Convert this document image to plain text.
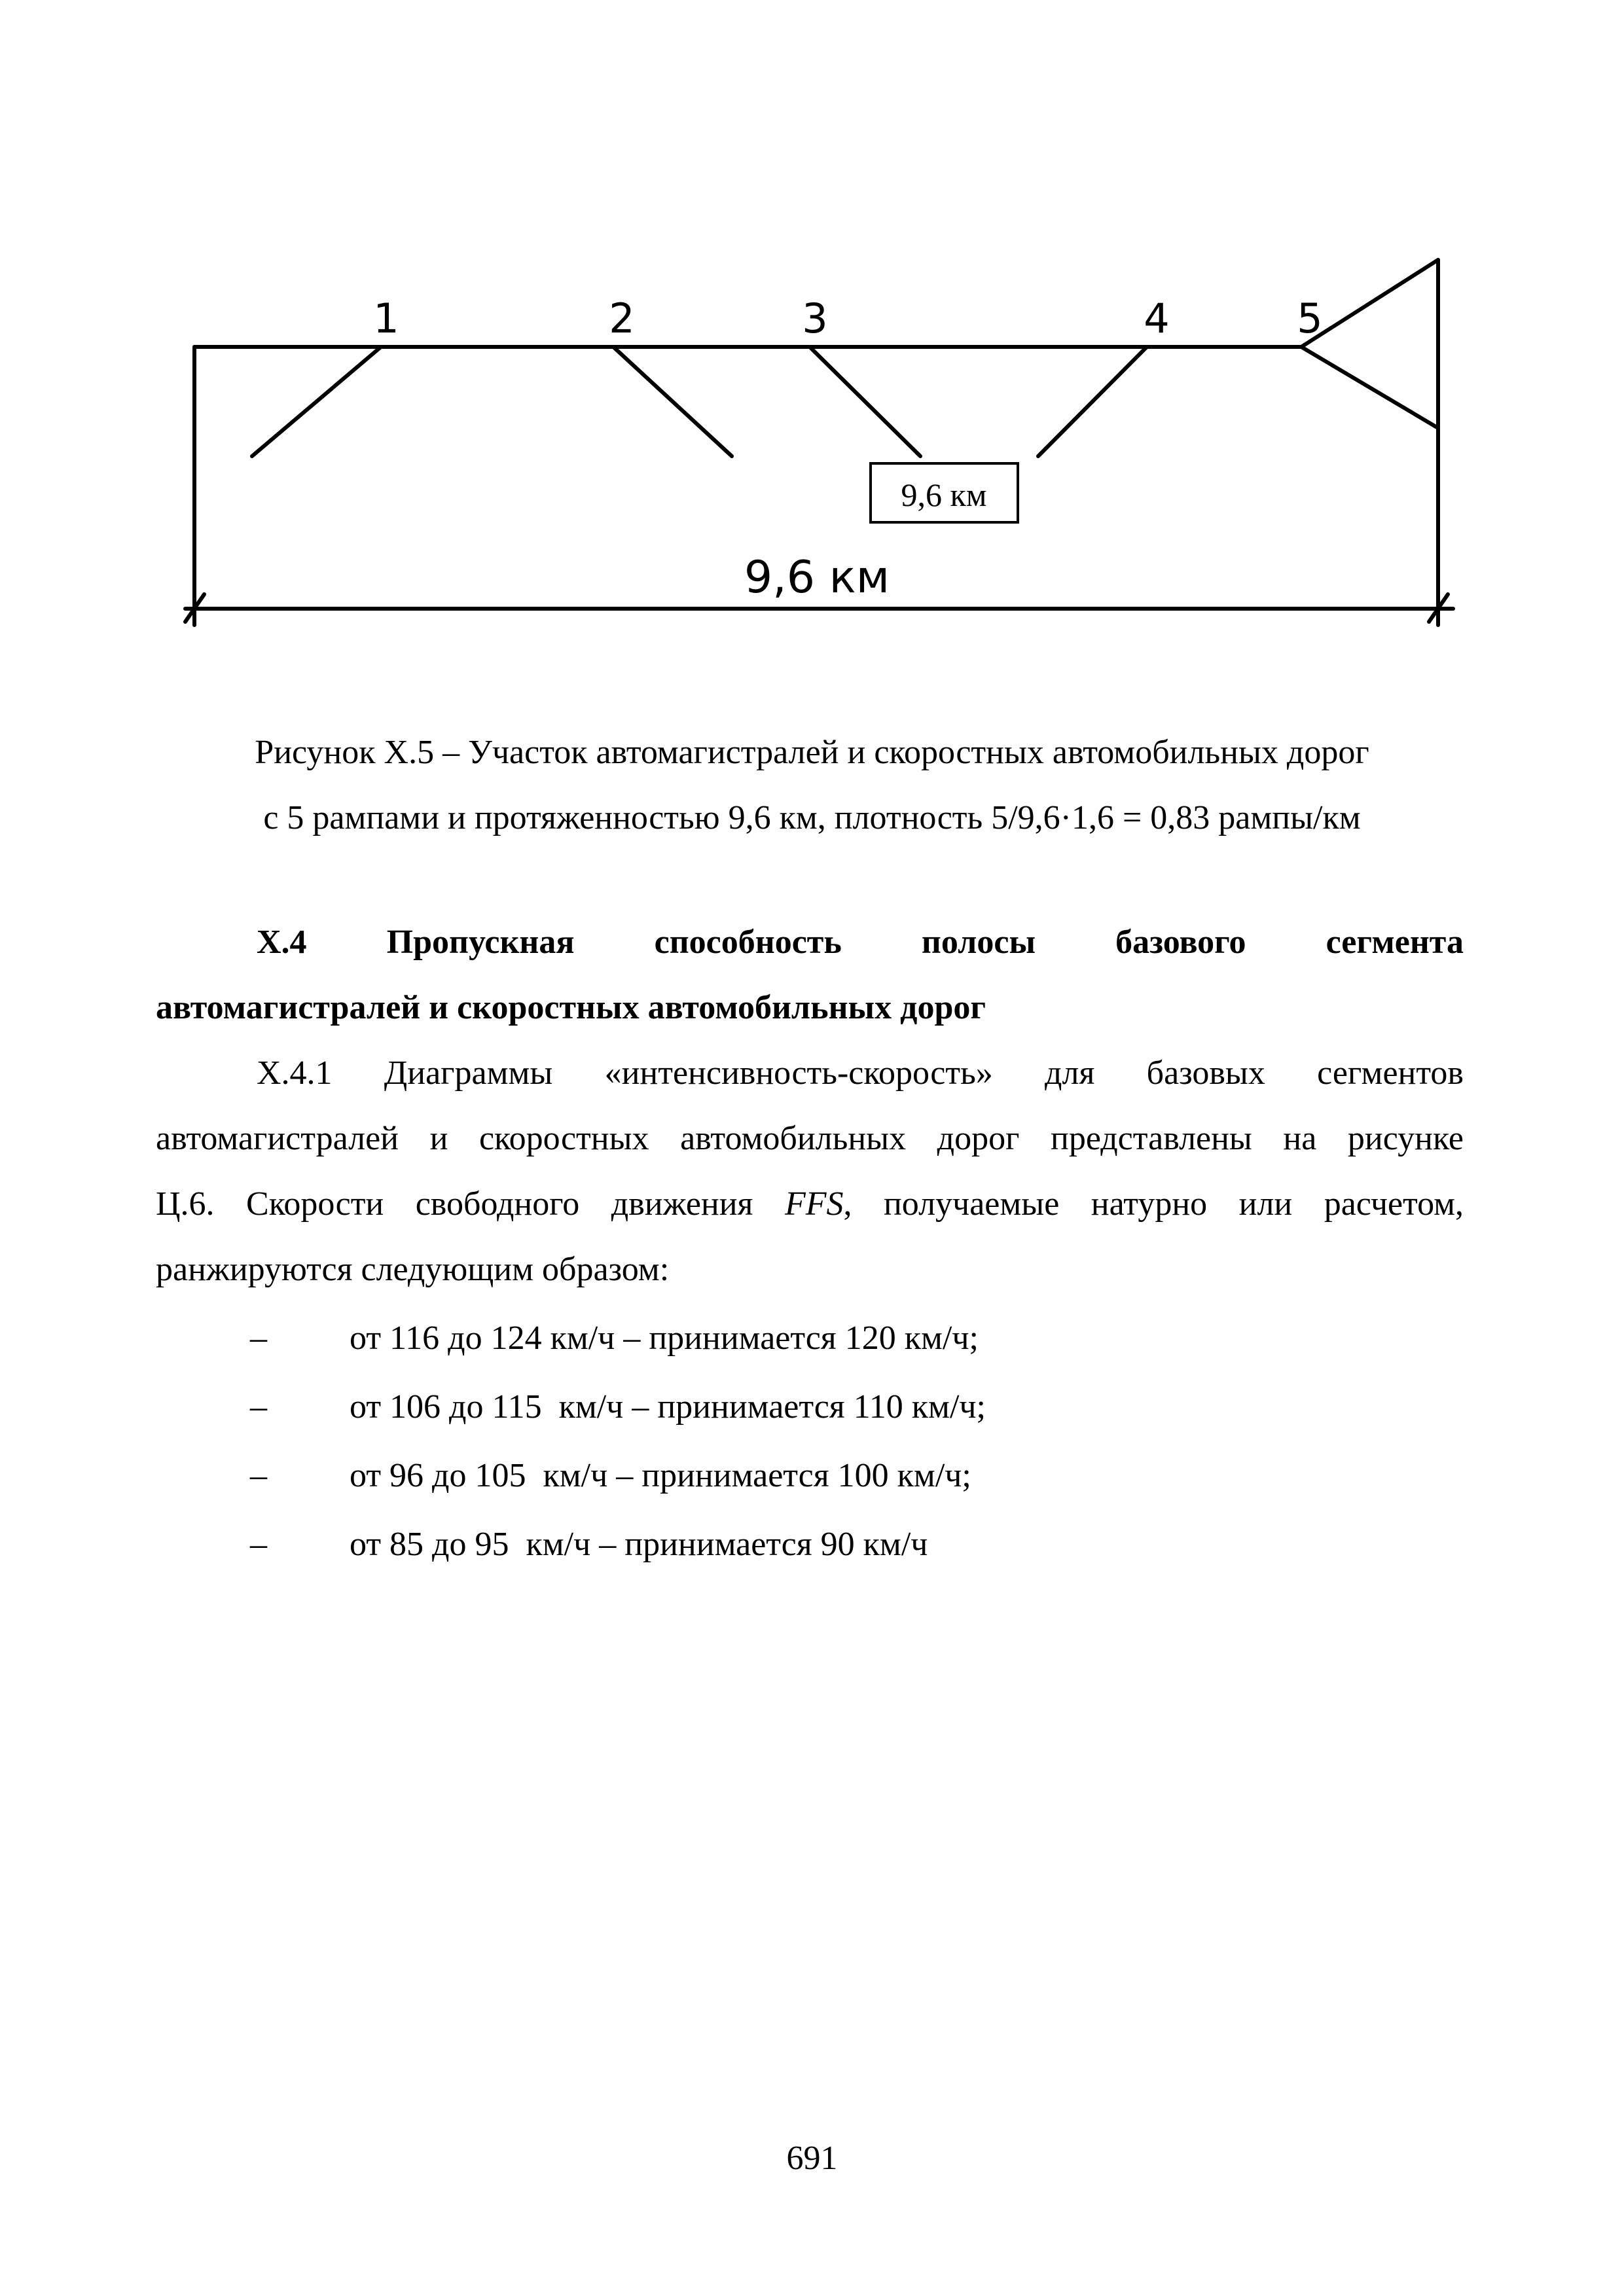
9,6 км
1	2	3	4	5
9,6 км
Рисунок Х.5 – Участок автомагистралей и скоростных автомобильных дорог
с 5 рампами и протяженностью 9,6 км, плотность 5/9,6·1,6 = 0,83 рампы/км
Х.4 Пропускная способность полосы базового сегмента
автомагистралей и скоростных автомобильных дорог
Х.4.1 Диаграммы «интенсивность-скорость» для базовых сегментов
автомагистралей и скоростных автомобильных дорог представлены на рисунке
Ц.6. Скорости свободного движения FFS, получаемые натурно или расчетом,
ранжируются следующим образом:
– от 116 до 124 км/ч – принимается 120 км/ч;
– от 106 до 115  км/ч – принимается 110 км/ч;
– от 96 до 105  км/ч – принимается 100 км/ч;
– от 85 до 95  км/ч – принимается 90 км/ч
691
